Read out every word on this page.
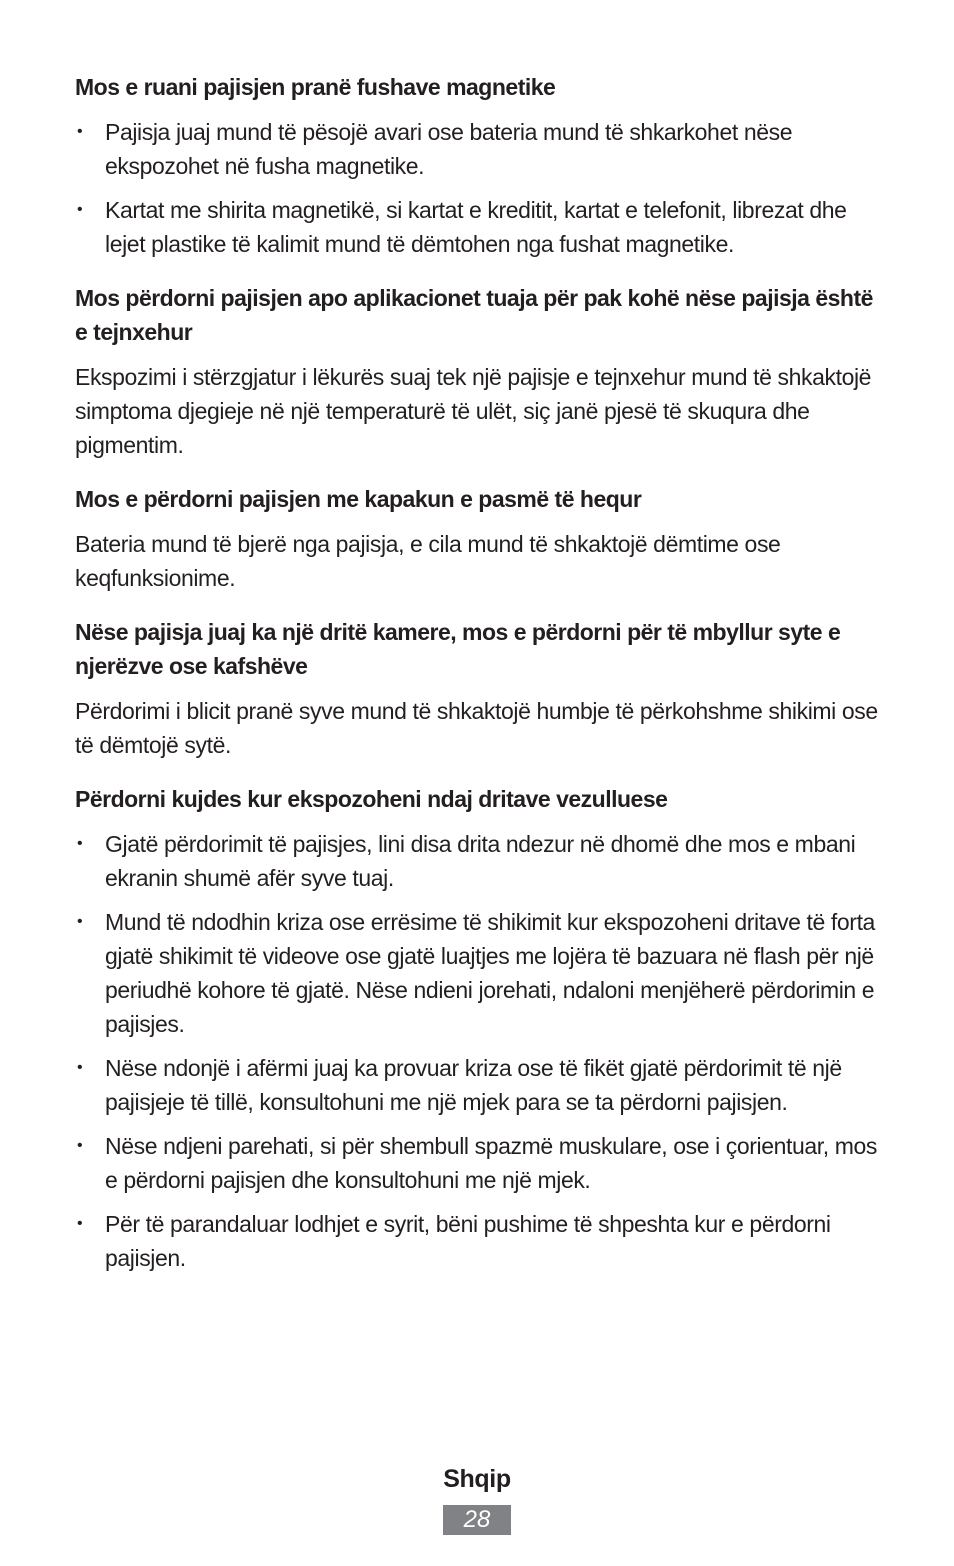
Mos e ruani pajisjen pranë fushave magnetike
• Pajisja juaj mund të pësojë avari ose bateria mund të shkarkohet nëse ekspozohet në fusha magnetike.
• Kartat me shirita magnetikë, si kartat e kreditit, kartat e telefonit, librezat dhe lejet plastike të kalimit mund të dëmtohen nga fushat magnetike.
Mos përdorni pajisjen apo aplikacionet tuaja për pak kohë nëse pajisja është e tejnxehur

Ekspozimi i stërzgjatur i lëkurës suaj tek një pajisje e tejnxehur mund të shkaktojë simptoma djegieje në një temperaturë të ulët, siç janë pjesë të skuqura dhe pigmentim.

Mos e përdorni pajisjen me kapakun e pasmë të hequr

Bateria mund të bjerë nga pajisja, e cila mund të shkaktojë dëmtime ose keqfunksionime.

Nëse pajisja juaj ka një dritë kamere, mos e përdorni për të mbyllur syte e njerëzve ose kafshëve

Përdorimi i blicit pranë syve mund të shkaktojë humbje të përkohshme shikimi ose të dëmtojë sytë.

Përdorni kujdes kur ekspozoheni ndaj dritave vezulluese
• Gjatë përdorimit të pajisjes, lini disa drita ndezur në dhomë dhe mos e mbani ekranin shumë afër syve tuaj.
• Mund të ndodhin kriza ose errësime të shikimit kur ekspozoheni dritave të forta gjatë shikimit të videove ose gjatë luajtjes me lojëra të bazuara në flash për një periudhë kohore të gjatë. Nëse ndieni jorehati, ndaloni menjëherë përdorimin e pajisjes.
• Nëse ndonjë i afërmi juaj ka provuar kriza ose të fikët gjatë përdorimit të një pajisjeje të tillë, konsultohuni me një mjek para se ta përdorni pajisjen.
• Nëse ndjeni parehati, si për shembull spazmë muskulare, ose i çorientuar, mos e përdorni pajisjen dhe konsultohuni me një mjek.
• Për të parandaluar lodhjet e syrit, bëni pushime të shpeshta kur e përdorni pajisjen.
Shqip
28
